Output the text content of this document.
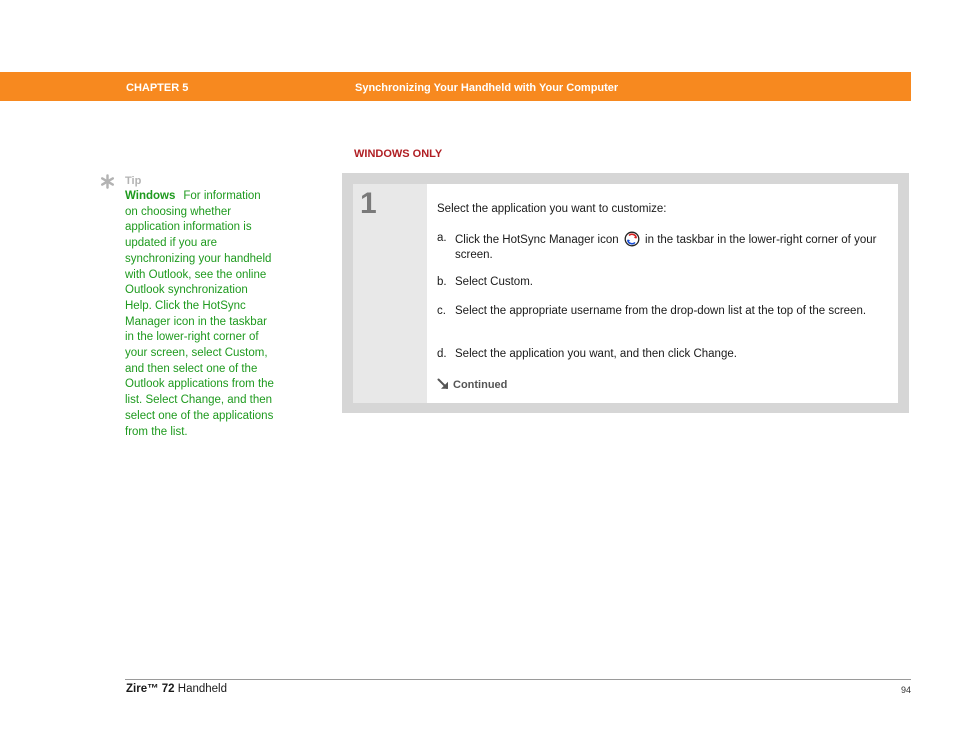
CHAPTER 5	Synchronizing Your Handheld with Your Computer
WINDOWS ONLY
Tip
Windows For information on choosing whether application information is updated if you are synchronizing your handheld with Outlook, see the online Outlook synchronization Help. Click the HotSync Manager icon in the taskbar in the lower-right corner of your screen, select Custom, and then select one of the Outlook applications from the list. Select Change, and then select one of the applications from the list.
1	Select the application you want to customize:
a. Click the HotSync Manager icon in the taskbar in the lower-right corner of your screen.
b. Select Custom.
c. Select the appropriate username from the drop-down list at the top of the screen.
d. Select the application you want, and then click Change.
Continued
Zire™ 72 Handheld	94
